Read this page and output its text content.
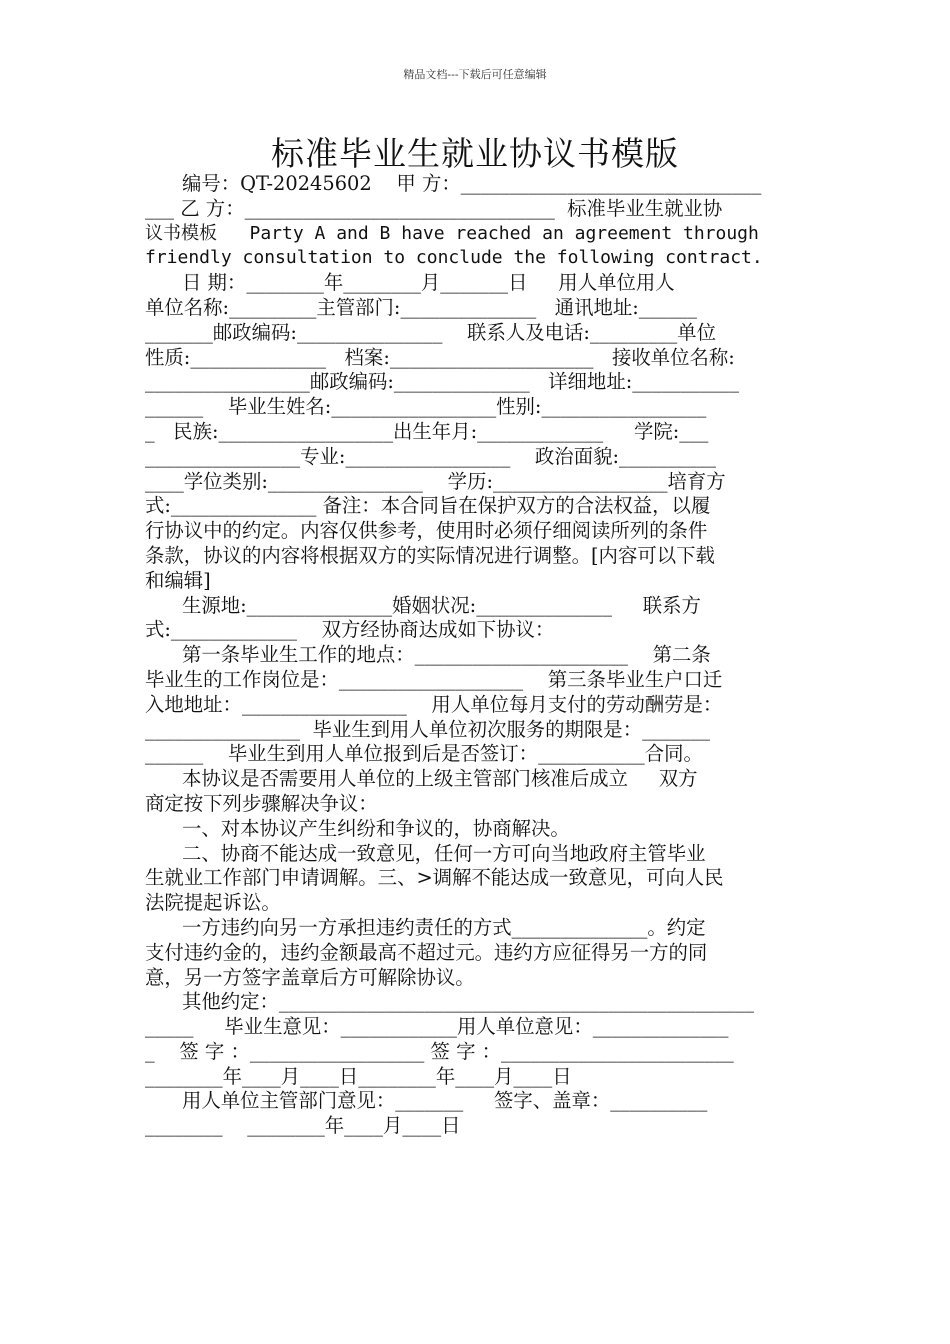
精品文档---下载后可任意编辑
标准毕业生就业协议书模版
编号：QT-20245602    甲 方：_______________________________
___ 乙 方：________________________________  标准毕业生就业协
议书模板   Party A and B have reached an agreement through
friendly consultation to conclude the following contract.
日 期：________年________月_______日     用人单位用人
单位名称:_________主管部门:______________   通讯地址:______
_______邮政编码:_______________    联系人及电话:_________单位
性质:______________   档案:_____________________   接收单位名称:
_________________邮政编码:______________   详细地址:___________
______    毕业生姓名:_________________性别:_________________
_   民族:__________________出生年月:_____________     学院:___
________________专业:_________________    政治面貌:__________
____学位类别:________________    学历:__________________培育方
式:_______________ 备注：本合同旨在保护双方的合法权益，以履
行协议中的约定。内容仅供参考，使用时必须仔细阅读所列的条件
条款，协议的内容将根据双方的实际情况进行调整。[内容可以下载
和编辑]
生源地:_______________婚姻状况:______________     联系方
式:_____________    双方经协商达成如下协议：
第一条毕业生工作的地点：______________________    第二条
毕业生的工作岗位是：___________________    第三条毕业生户口迁
入地地址：_________________    用人单位每月支付的劳动酬劳是：
________________  毕业生到用人单位初次服务的期限是：_______
______    毕业生到用人单位报到后是否签订：___________合同。
本协议是否需要用人单位的上级主管部门核准后成立     双方
商定按下列步骤解决争议：
一、对本协议产生纠纷和争议的，协商解决。
二、协商不能达成一致意见，任何一方可向当地政府主管毕业
生就业工作部门申请调解。三、>调解不能达成一致意见，可向人民
法院提起诉讼。
一方违约向另一方承担违约责任的方式______________。约定
支付违约金的，违约金额最高不超过元。违约方应征得另一方的同
意，另一方签字盖章后方可解除协议。
其他约定：_________________________________________________
_____     毕业生意见：____________用人单位意见：______________
_    签 字 ：__________________ 签 字 ：________________________
________年____月____日________年____月____日
用人单位主管部门意见：_______     签字、盖章：__________
________    ________年____月____日
